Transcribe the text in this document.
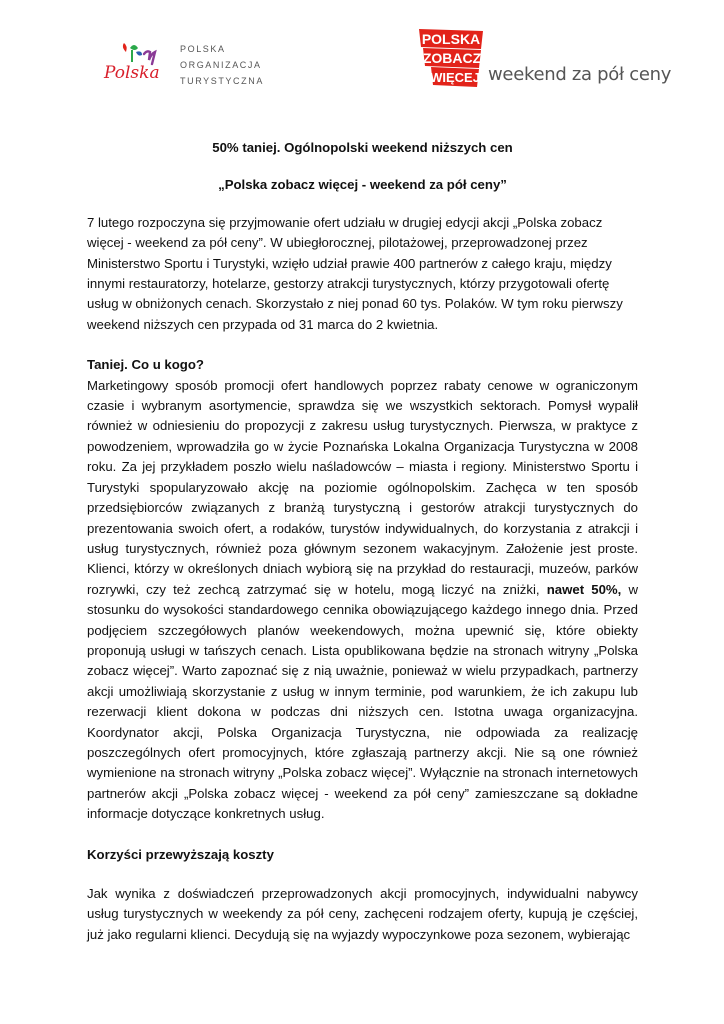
Polska
POLSKA
ORGANIZACJA
TURYSTYCZNA
POLSKA
ZOBACZ
WIĘCEJ weekend za pół ceny

50% taniej. Ogólnopolski weekend niższych cen

„Polska zobacz więcej - weekend za pół ceny”

7 lutego rozpoczyna się przyjmowanie ofert udziału w drugiej edycji akcji „Polska zobacz więcej - weekend za pół ceny”. W ubiegłorocznej, pilotażowej, przeprowadzonej przez Ministerstwo Sportu i Turystyki, wzięło udział prawie 400 partnerów z całego kraju, między innymi restauratorzy, hotelarze, gestorzy atrakcji turystycznych, którzy przygotowali ofertę usług w obniżonych cenach. Skorzystało z niej ponad 60 tys. Polaków. W tym roku pierwszy weekend niższych cen przypada od 31 marca do 2 kwietnia.

Taniej. Co u kogo?

Marketingowy sposób promocji ofert handlowych poprzez rabaty cenowe w ograniczonym czasie i wybranym asortymencie, sprawdza się we wszystkich sektorach. Pomysł wypalił również w odniesieniu do propozycji z zakresu usług turystycznych. Pierwsza, w praktyce z powodzeniem, wprowadziła go w życie Poznańska Lokalna Organizacja Turystyczna w 2008 roku. Za jej przykładem poszło wielu naśladowców – miasta i regiony. Ministerstwo Sportu i Turystyki spopularyzowało akcję na poziomie ogólnopolskim. Zachęca w ten sposób przedsiębiorców związanych z branżą turystyczną i gestorów atrakcji turystycznych do prezentowania swoich ofert, a rodaków, turystów indywidualnych, do korzystania z atrakcji i usług turystycznych, również poza głównym sezonem wakacyjnym. Założenie jest proste. Klienci, którzy w określonych dniach wybiorą się na przykład do restauracji, muzeów, parków rozrywki, czy też zechcą zatrzymać się w hotelu, mogą liczyć na zniżki, nawet 50%, w stosunku do wysokości standardowego cennika obowiązującego każdego innego dnia. Przed podjęciem szczegółowych planów weekendowych, można upewnić się, które obiekty proponują usługi w tańszych cenach. Lista opublikowana będzie na stronach witryny „Polska zobacz więcej”. Warto zapoznać się z nią uważnie, ponieważ w wielu przypadkach, partnerzy akcji umożliwiają skorzystanie z usług w innym terminie, pod warunkiem, że ich zakupu lub rezerwacji klient dokona w podczas dni niższych cen. Istotna uwaga organizacyjna. Koordynator akcji, Polska Organizacja Turystyczna, nie odpowiada za realizację poszczególnych ofert promocyjnych, które zgłaszają partnerzy akcji. Nie są one również wymienione na stronach witryny „Polska zobacz więcej”. Wyłącznie na stronach internetowych partnerów akcji „Polska zobacz więcej - weekend za pół ceny” zamieszczane są dokładne informacje dotyczące konkretnych usług.

Korzyści przewyższają koszty

Jak wynika z doświadczeń przeprowadzonych akcji promocyjnych, indywidualni nabywcy usług turystycznych w weekendy za pół ceny, zachęceni rodzajem oferty, kupują je częściej, już jako regularni klienci. Decydują się na wyjazdy wypoczynkowe poza sezonem, wybierając
